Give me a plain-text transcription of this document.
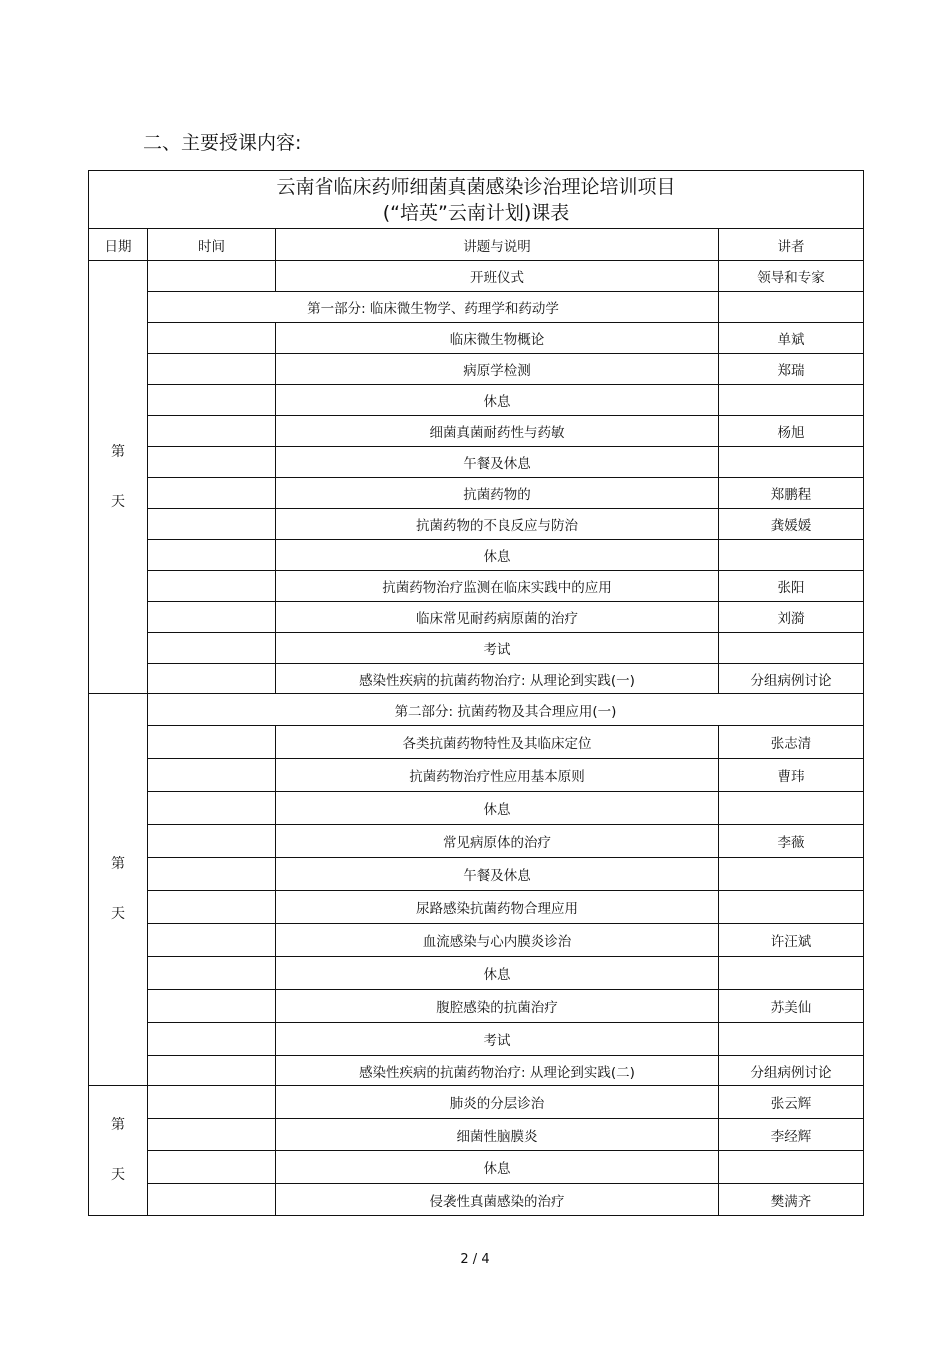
二、主要授课内容:
云南省临床药师细菌真菌感染诊治理论培训项目
(“培英”云南计划)课表			

日期	时间	讲题与说明	讲者

第
天		开班仪式	领导和专家
	第一部分: 临床微生物学、药理学和药动学		
		临床微生物概论	单斌
		病原学检测	郑瑞
		休息	
		细菌真菌耐药性与药敏	杨旭
		午餐及休息	
		抗菌药物的	郑鹏程
		抗菌药物的不良反应与防治	龚媛媛
		休息	
		抗菌药物治疗监测在临床实践中的应用	张阳
		临床常见耐药病原菌的治疗	刘漪
		考试	
		感染性疾病的抗菌药物治疗: 从理论到实践(一)	分组病例讨论

第
天	第二部分: 抗菌药物及其合理应用(一)		
		各类抗菌药物特性及其临床定位	张志清
		抗菌药物治疗性应用基本原则	曹玮
		休息	
		常见病原体的治疗	李薇
		午餐及休息	
		尿路感染抗菌药物合理应用	
		血流感染与心内膜炎诊治	许汪斌
		休息	
		腹腔感染的抗菌治疗	苏美仙
		考试	
		感染性疾病的抗菌药物治疗: 从理论到实践(二)	分组病例讨论

第
天		肺炎的分层诊治	张云辉
		细菌性脑膜炎	李经辉
		休息	
		侵袭性真菌感染的治疗	樊满齐
2 / 4
